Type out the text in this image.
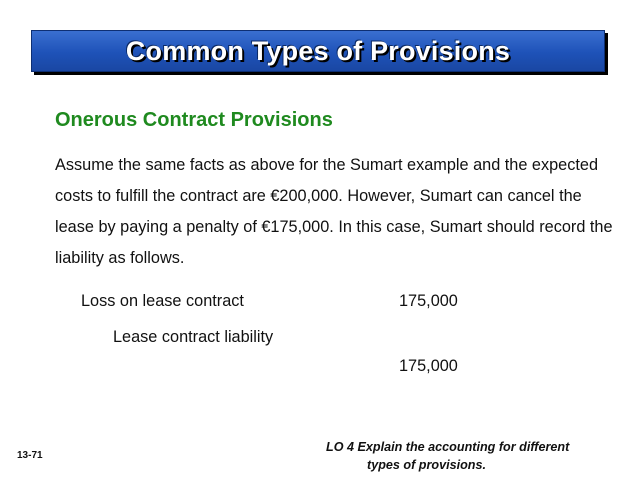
Common Types of Provisions
Onerous Contract Provisions
Assume the same facts as above for the Sumart example and the expected costs to fulfill the contract are €200,000. However, Sumart can cancel the lease by paying a penalty of €175,000. In this case, Sumart should record the liability as follows.
Loss on lease contract	175,000
Lease contract liability
175,000
13-71
LO 4 Explain the accounting for different
types of provisions.
